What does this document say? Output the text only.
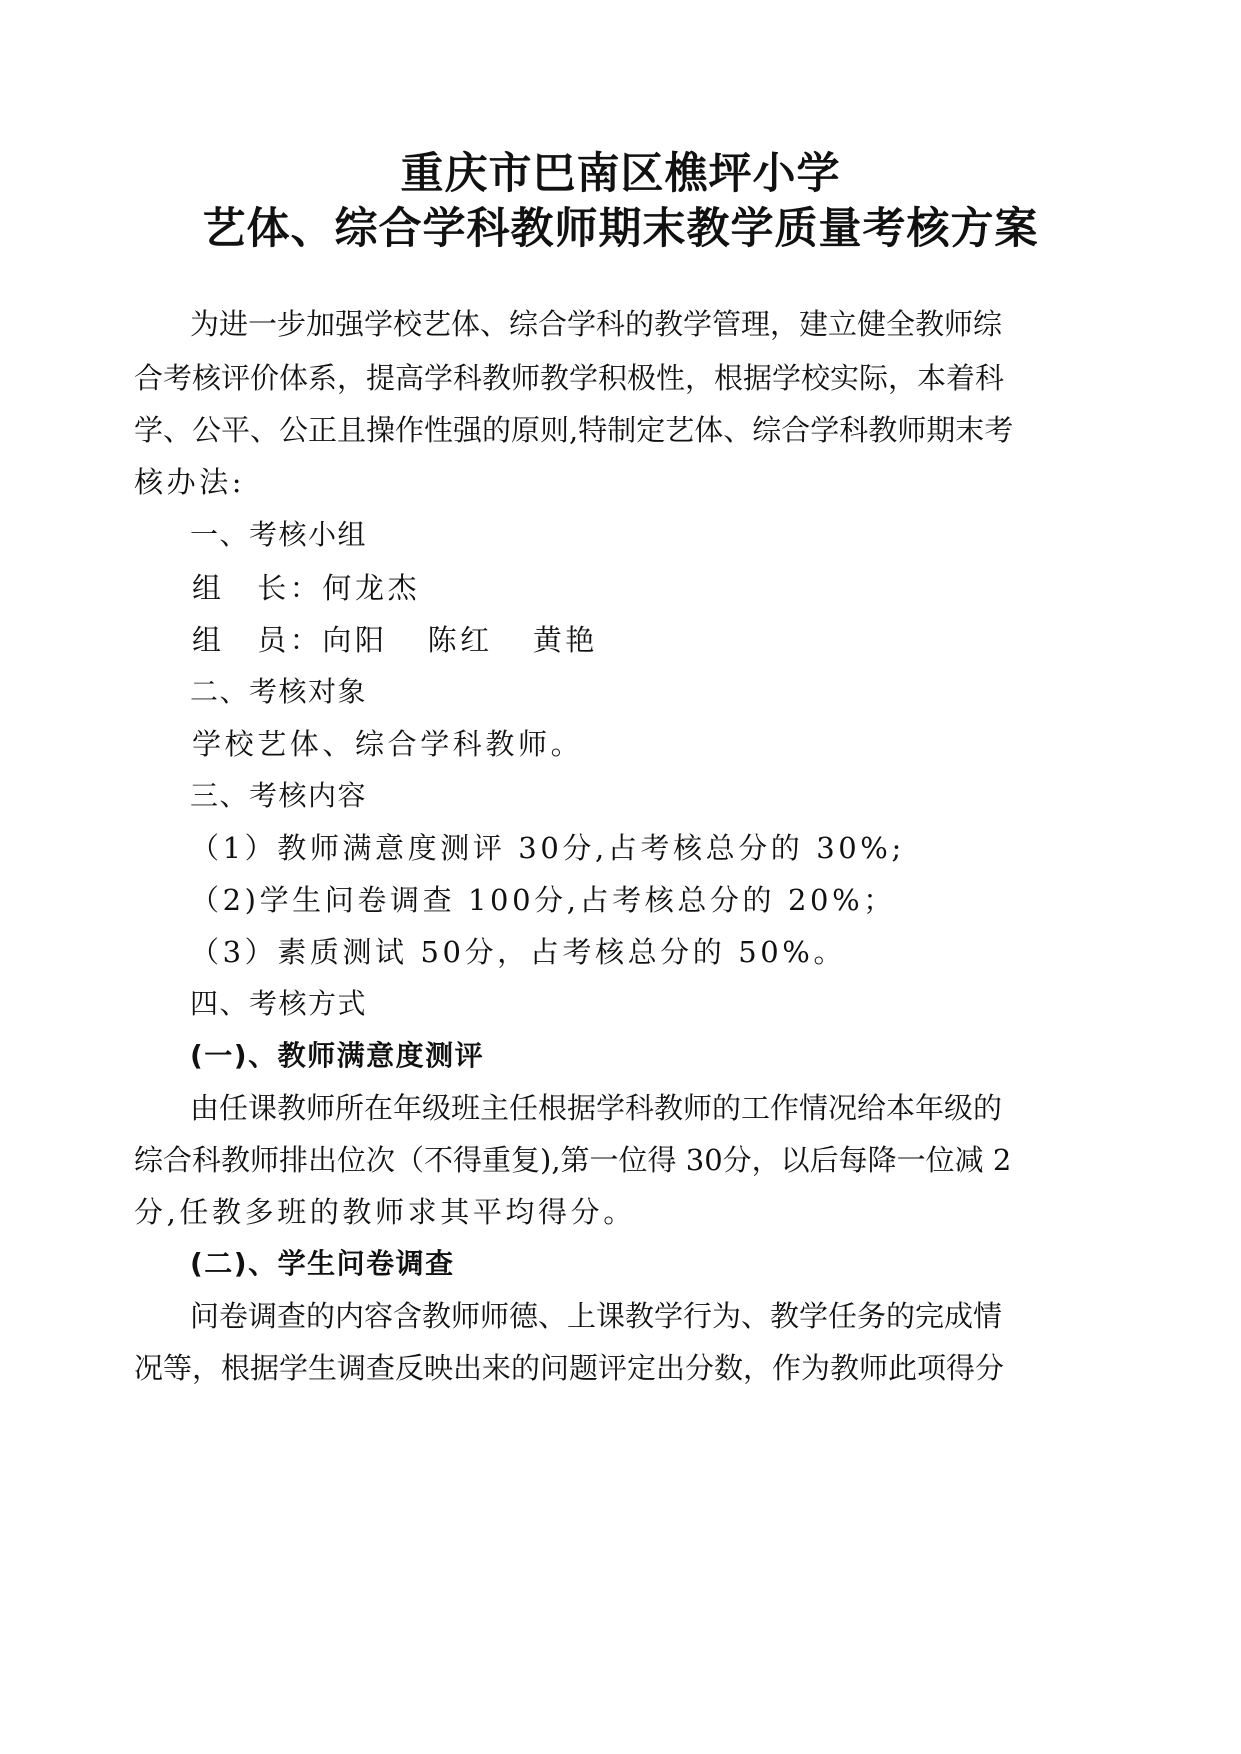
重庆市巴南区樵坪小学
艺体、综合学科教师期末教学质量考核方案
为进一步加强学校艺体、综合学科的教学管理，建立健全教师综
合考核评价体系，提高学科教师教学积极性，根据学校实际，本着科
学、公平、公正且操作性强的原则,特制定艺体、综合学科教师期末考
核办法:
一、考核小组
组　长：何龙杰
组　员：向阳 陈红 黄艳
二、考核对象
学校艺体、综合学科教师。
三、考核内容
（1）教师满意度测评 30分,占考核总分的 30%;
（2)学生问卷调查 100分,占考核总分的 20%；
（3）素质测试 50分，占考核总分的 50%。
四、考核方式
(一)、教师满意度测评
由任课教师所在年级班主任根据学科教师的工作情况给本年级的
综合科教师排出位次（不得重复),第一位得 30分，以后每降一位减 2
分,任教多班的教师求其平均得分。
(二)、学生问卷调查
问卷调查的内容含教师师德、上课教学行为、教学任务的完成情
况等，根据学生调查反映出来的问题评定出分数，作为教师此项得分
